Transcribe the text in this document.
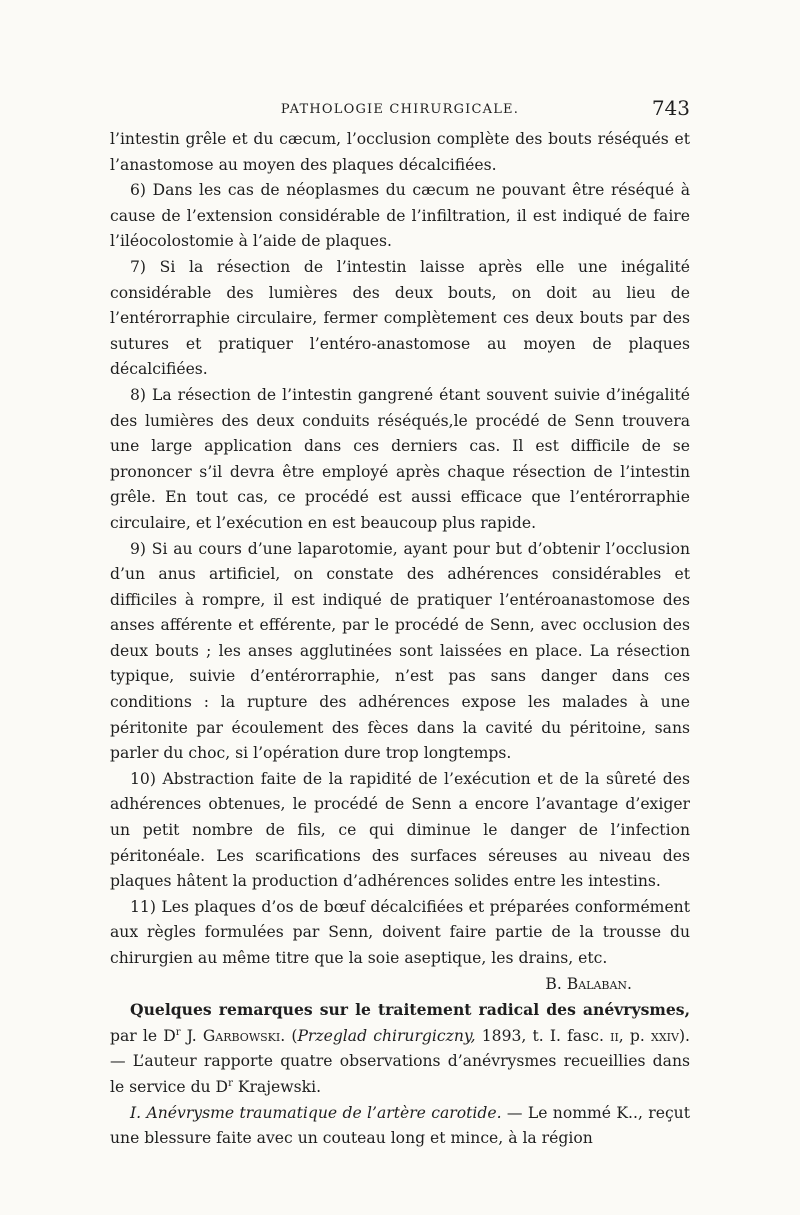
PATHOLOGIE CHIRURGICALE.	743

l’intestin grêle et du cæcum, l’occlusion complète des bouts réséqués et l’anastomose au moyen des plaques décalcifiées.

6) Dans les cas de néoplasmes du cæcum ne pouvant être réséqué à cause de l’extension considérable de l’infiltration, il est indiqué de faire l’iléocolostomie à l’aide de plaques.

7) Si la résection de l’intestin laisse après elle une inégalité considérable des lumières des deux bouts, on doit au lieu de l’entérorraphie circulaire, fermer complètement ces deux bouts par des sutures et pratiquer l’entéro-anastomose au moyen de plaques décalcifiées.

8) La résection de l’intestin gangrené étant souvent suivie d’inégalité des lumières des deux conduits réséqués,le procédé de Senn trouvera une large application dans ces derniers cas. Il est difficile de se prononcer s’il devra être employé après chaque résection de l’intestin grêle. En tout cas, ce procédé est aussi efficace que l’entérorraphie circulaire, et l’exécution en est beaucoup plus rapide.

9) Si au cours d’une laparotomie, ayant pour but d’obtenir l’occlusion d’un anus artificiel, on constate des adhérences considérables et difficiles à rompre, il est indiqué de pratiquer l’entéroanastomose des anses afférente et efférente, par le procédé de Senn, avec occlusion des deux bouts ; les anses agglutinées sont laissées en place. La résection typique, suivie d’entérorraphie, n’est pas sans danger dans ces conditions : la rupture des adhérences expose les malades à une péritonite par écoulement des fèces dans la cavité du péritoine, sans parler du choc, si l’opération dure trop longtemps.

10) Abstraction faite de la rapidité de l’exécution et de la sûreté des adhérences obtenues, le procédé de Senn a encore l’avantage d’exiger un petit nombre de fils, ce qui diminue le danger de l’infection péritonéale. Les scarifications des surfaces séreuses au niveau des plaques hâtent la production d’adhérences solides entre les intestins.

11) Les plaques d’os de bœuf décalcifiées et préparées conformément aux règles formulées par Senn, doivent faire partie de la trousse du chirurgien au même titre que la soie aseptique, les drains, etc.

B. Balaban.

Quelques remarques sur le traitement radical des anévrysmes, par le $D^r$ J. Garbowski. (Przeglad chirurgiczny, 1893, t. I. fasc. ii, p. xxiv). — L’auteur rapporte quatre observations d’anévrysmes recueillies dans le service du $D^r$ Krajewski.

I. Anévrysme traumatique de l’artère carotide. — Le nommé K.., reçut une blessure faite avec un couteau long et mince, à la région
